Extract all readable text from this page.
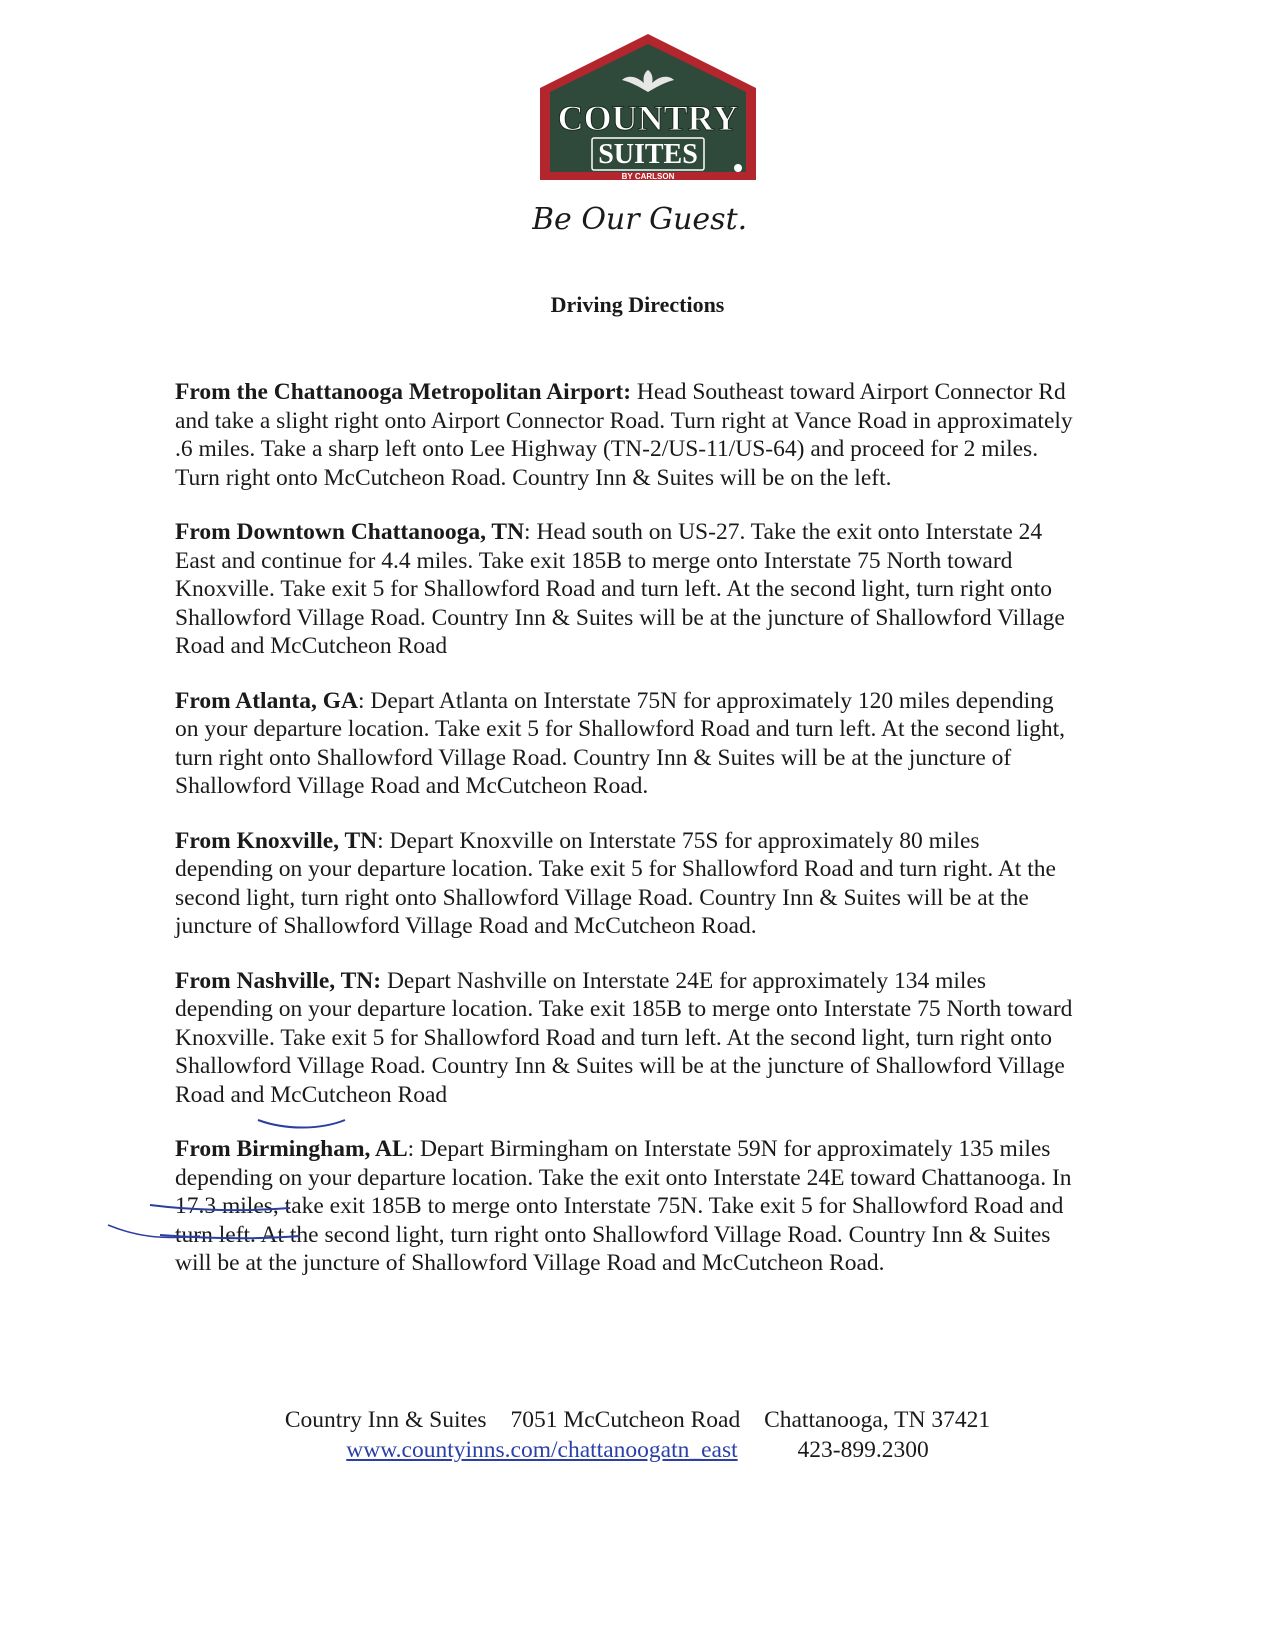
COUNTRY
SUITES
BY CARLSON
Be Our Guest.
Driving Directions

From the Chattanooga Metropolitan Airport: Head Southeast toward Airport Connector Rd and take a slight right onto Airport Connector Road. Turn right at Vance Road in approximately .6 miles. Take a sharp left onto Lee Highway (TN-2/US-11/US-64) and proceed for 2 miles. Turn right onto McCutcheon Road. Country Inn & Suites will be on the left.

From Downtown Chattanooga, TN: Head south on US-27. Take the exit onto Interstate 24 East and continue for 4.4 miles. Take exit 185B to merge onto Interstate 75 North toward Knoxville. Take exit 5 for Shallowford Road and turn left. At the second light, turn right onto Shallowford Village Road. Country Inn & Suites will be at the juncture of Shallowford Village Road and McCutcheon Road

From Atlanta, GA: Depart Atlanta on Interstate 75N for approximately 120 miles depending on your departure location. Take exit 5 for Shallowford Road and turn left. At the second light, turn right onto Shallowford Village Road. Country Inn & Suites will be at the juncture of Shallowford Village Road and McCutcheon Road.

From Knoxville, TN: Depart Knoxville on Interstate 75S for approximately 80 miles depending on your departure location. Take exit 5 for Shallowford Road and turn right. At the second light, turn right onto Shallowford Village Road. Country Inn & Suites will be at the juncture of Shallowford Village Road and McCutcheon Road.

From Nashville, TN: Depart Nashville on Interstate 24E for approximately 134 miles depending on your departure location. Take exit 185B to merge onto Interstate 75 North toward Knoxville. Take exit 5 for Shallowford Road and turn left. At the second light, turn right onto Shallowford Village Road. Country Inn & Suites will be at the juncture of Shallowford Village Road and McCutcheon Road

From Birmingham, AL: Depart Birmingham on Interstate 59N for approximately 135 miles depending on your departure location. Take the exit onto Interstate 24E toward Chattanooga. In 17.3 miles, take exit 185B to merge onto Interstate 75N. Take exit 5 for Shallowford Road and turn left. At the second light, turn right onto Shallowford Village Road. Country Inn & Suites will be at the juncture of Shallowford Village Road and McCutcheon Road.

Country Inn & Suites 7051 McCutcheon Road Chattanooga, TN 37421
www.countyinns.com/chattanoogatn_east	423-899.2300
